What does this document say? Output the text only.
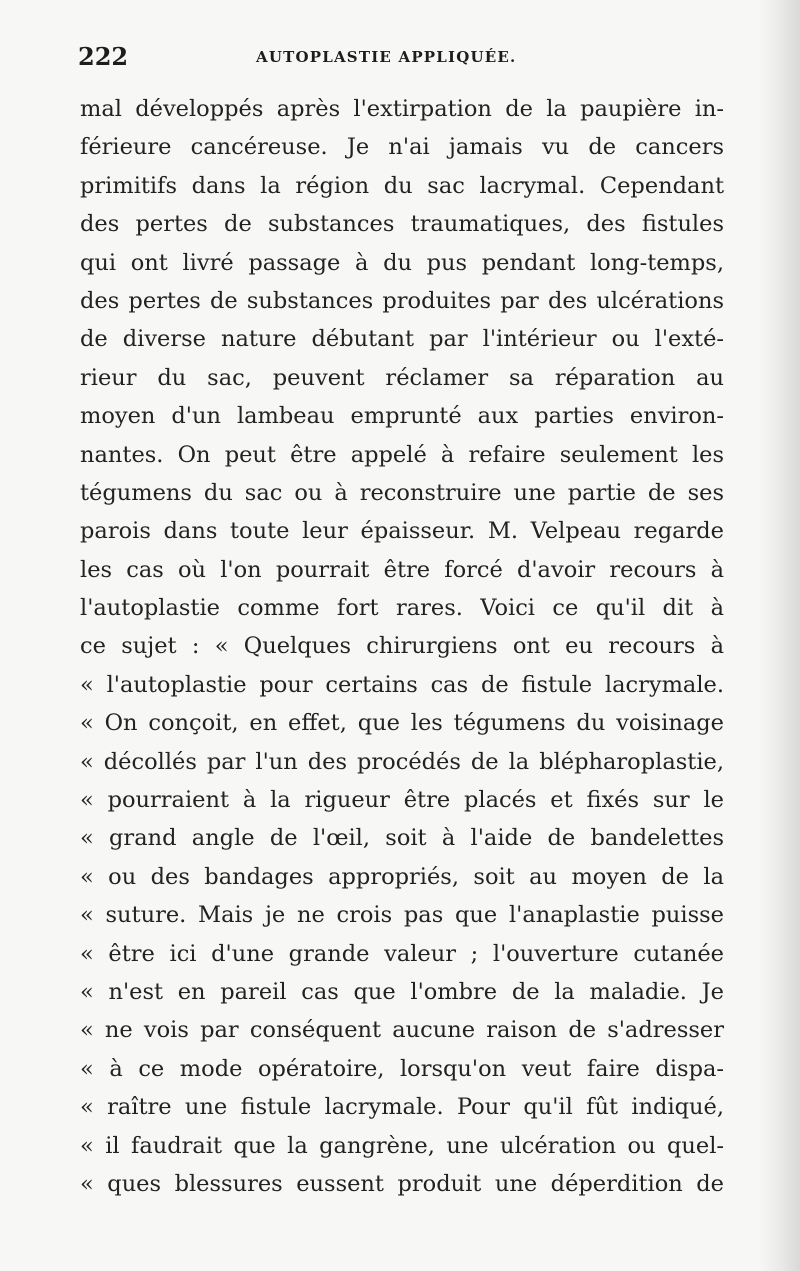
222	AUTOPLASTIE APPLIQUÉE.
mal développés après l'extirpation de la paupière in-
férieure cancéreuse. Je n'ai jamais vu de cancers
primitifs dans la région du sac lacrymal. Cependant
des pertes de substances traumatiques, des fistules
qui ont livré passage à du pus pendant long-temps,
des pertes de substances produites par des ulcérations
de diverse nature débutant par l'intérieur ou l'exté-
rieur du sac, peuvent réclamer sa réparation au
moyen d'un lambeau emprunté aux parties environ-
nantes. On peut être appelé à refaire seulement les
tégumens du sac ou à reconstruire une partie de ses
parois dans toute leur épaisseur. M. Velpeau regarde
les cas où l'on pourrait être forcé d'avoir recours à
l'autoplastie comme fort rares. Voici ce qu'il dit à
ce sujet : « Quelques chirurgiens ont eu recours à
« l'autoplastie pour certains cas de fistule lacrymale.
« On conçoit, en effet, que les tégumens du voisinage
« décollés par l'un des procédés de la blépharoplastie,
« pourraient à la rigueur être placés et fixés sur le
« grand angle de l'œil, soit à l'aide de bandelettes
« ou des bandages appropriés, soit au moyen de la
« suture. Mais je ne crois pas que l'anaplastie puisse
« être ici d'une grande valeur ; l'ouverture cutanée
« n'est en pareil cas que l'ombre de la maladie. Je
« ne vois par conséquent aucune raison de s'adresser
« à ce mode opératoire, lorsqu'on veut faire dispa-
« raître une fistule lacrymale. Pour qu'il fût indiqué,
« il faudrait que la gangrène, une ulcération ou quel-
« ques blessures eussent produit une déperdition de
